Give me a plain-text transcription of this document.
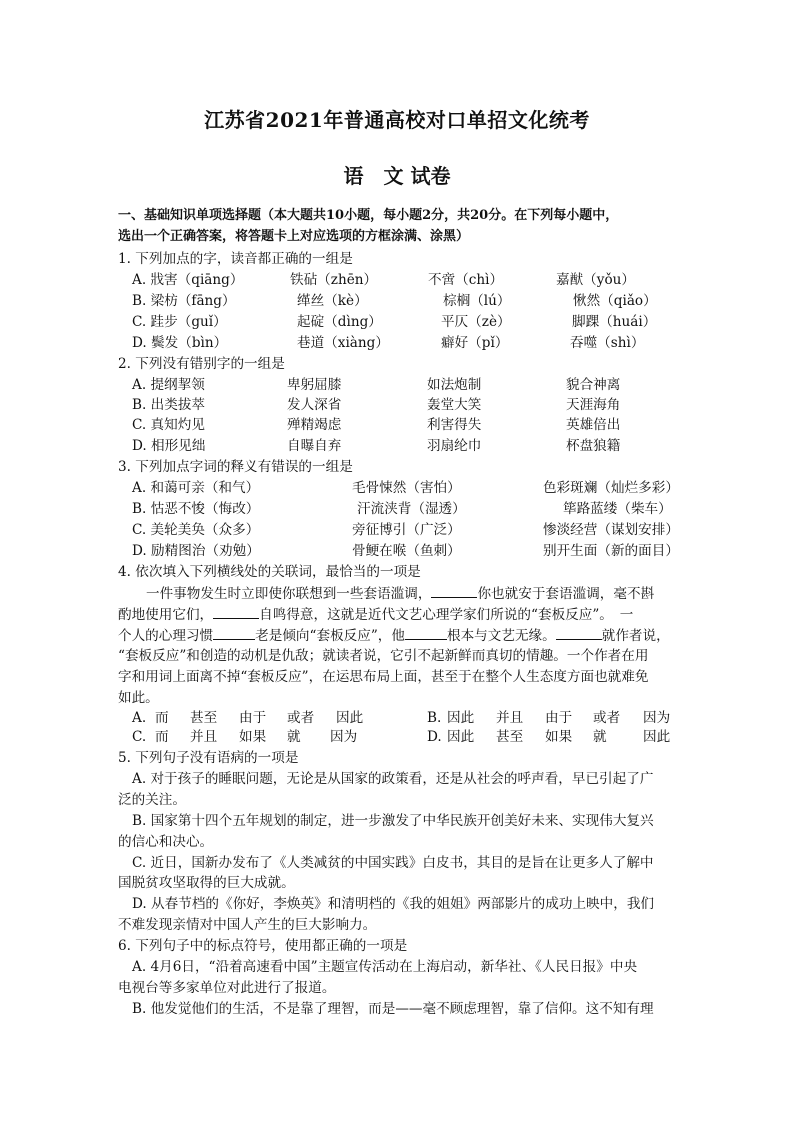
江苏省2021年普通高校对口单招文化统考
语 文 试卷
一、基础知识单项选择题（本大题共10小题，每小题2分，共20分。在下列每小题中，
选出一个正确答案，将答题卡上对应选项的方框涂满、涂黑）
1. 下列加点的字，读音都正确的一组是
A. 戕害（qiāng）	铁砧（zhēn）	不啻（chì）	嘉猷（yǒu）
B. 梁枋（fāng）	缂丝（kè）	棕榈（lú）	愀然（qiǎo）
C. 跬步（guǐ）	起碇（dìng）	平仄（zè）	脚踝（huái）
D. 鬓发（bìn）	巷道（xiàng）	癖好（pǐ）	吞噬（shì）
2. 下列没有错别字的一组是
A. 提纲挈领	卑躬屈膝	如法炮制	貌合神离
B. 出类拔萃	发人深省	轰堂大笑	天涯海角
C. 真知灼见	殚精竭虑	利害得失	英雄倍出
D. 相形见绌	自曝自弃	羽扇纶巾	杯盘狼籍
3. 下列加点字词的释义有错误的一组是
A. 和蔼可亲（和气）	毛骨悚然（害怕）	色彩斑斓（灿烂多彩）
B. 怙恶不悛（悔改）	汗流浃背（湿透）	筚路蓝缕（柴车）
C. 美轮美奂（众多）	旁征博引（广泛）	惨淡经营（谋划安排）
D. 励精图治（劝勉）	骨鲠在喉（鱼刺）	别开生面（新的面目）
4. 依次填入下列横线处的关联词，最恰当的一项是
一件事物发生时立即使你联想到一些套语滥调，	你也就安于套语滥调，毫不斟
酌地使用它们，	自鸣得意，这就是近代文艺心理学家们所说的“套板反应”。　一
个人的心理习惯	老是倾向“套板反应”，他	根本与文艺无缘。	就作者说，
“套板反应”和创造的动机是仇敌；就读者说，它引不起新鲜而真切的情趣。一个作者在用
字和用词上面离不掉“套板反应”，在运思布局上面，甚至于在整个人生态度方面也就难免
如此。
A. 而 甚至 由于 或者 因此	B. 因此 并且 由于 或者 因为
C. 而 并且 如果 就 因为	D. 因此 甚至 如果 就	因此
5. 下列句子没有语病的一项是
A. 对于孩子的睡眠问题，无论是从国家的政策看，还是从社会的呼声看，早已引起了广
泛的关注。
B. 国家第十四个五年规划的制定，进一步激发了中华民族开创美好未来、实现伟大复兴
的信心和决心。
C. 近日，国新办发布了《人类减贫的中国实践》白皮书，其目的是旨在让更多人了解中
国脱贫攻坚取得的巨大成就。
D. 从春节档的《你好，李焕英》和清明档的《我的姐姐》两部影片的成功上映中，我们
不难发现亲情对中国人产生的巨大影响力。
6. 下列句子中的标点符号，使用都正确的一项是
A. 4月6日，“沿着高速看中国”主题宣传活动在上海启动，新华社、《人民日报》中央
电视台等多家单位对此进行了报道。
B. 他发觉他们的生活，不是靠了理智，而是——毫不顾虑理智，靠了信仰。这不知有理
